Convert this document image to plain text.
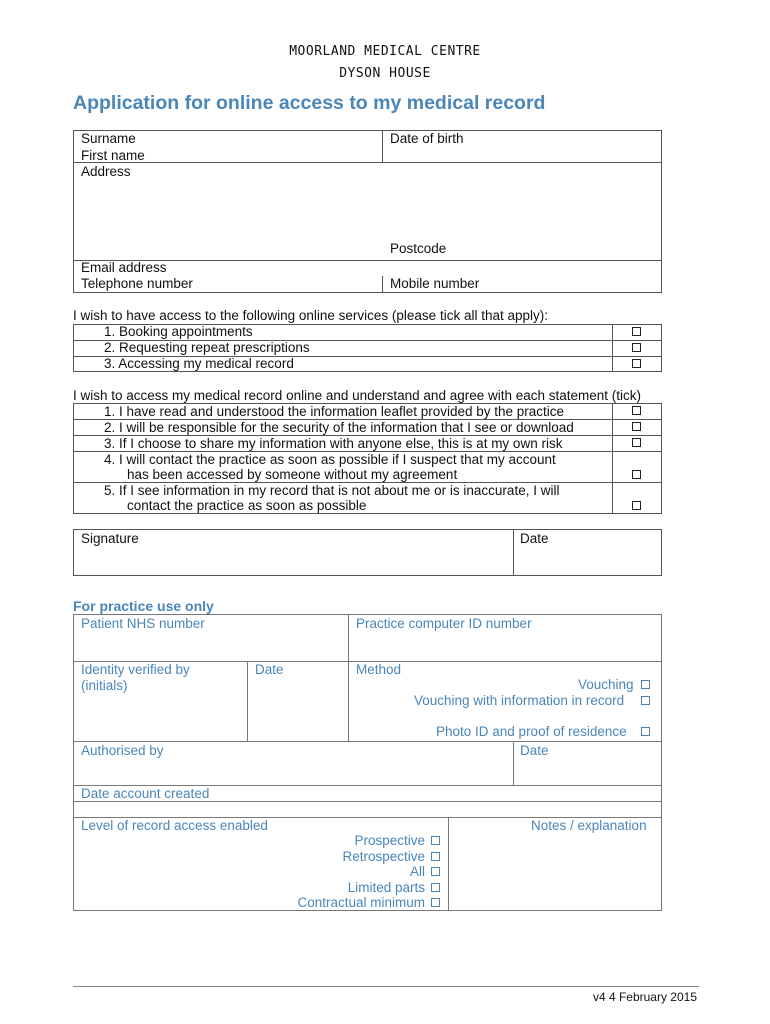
MOORLAND MEDICAL CENTRE
DYSON HOUSE
Application for online access to my medical record
Surname	Date of birth
First name
Address
Postcode
Email address
Telephone number	Mobile number
I wish to have access to the following online services (please tick all that apply):
1. Booking appointments
2. Requesting repeat prescriptions
3. Accessing my medical record
I wish to access my medical record online and understand and agree with each statement (tick)
1. I have read and understood the information leaflet provided by the practice
2. I will be responsible for the security of the information that I see or download
3. If I choose to share my information with anyone else, this is at my own risk
4. I will contact the practice as soon as possible if I suspect that my account
has been accessed by someone without my agreement
5. If I see information in my record that is not about me or is inaccurate, I will
contact the practice as soon as possible
Signature	Date
For practice use only
Patient NHS number	Practice computer ID number
Identity verified by
(initials)
Date	Method
Vouching
Vouching with information in record
Photo ID and proof of residence
Authorised by	Date
Date account created
Level of record access enabled	Notes / explanation
Prospective
Retrospective
All
Limited parts
Contractual minimum
v4 4 February 2015
